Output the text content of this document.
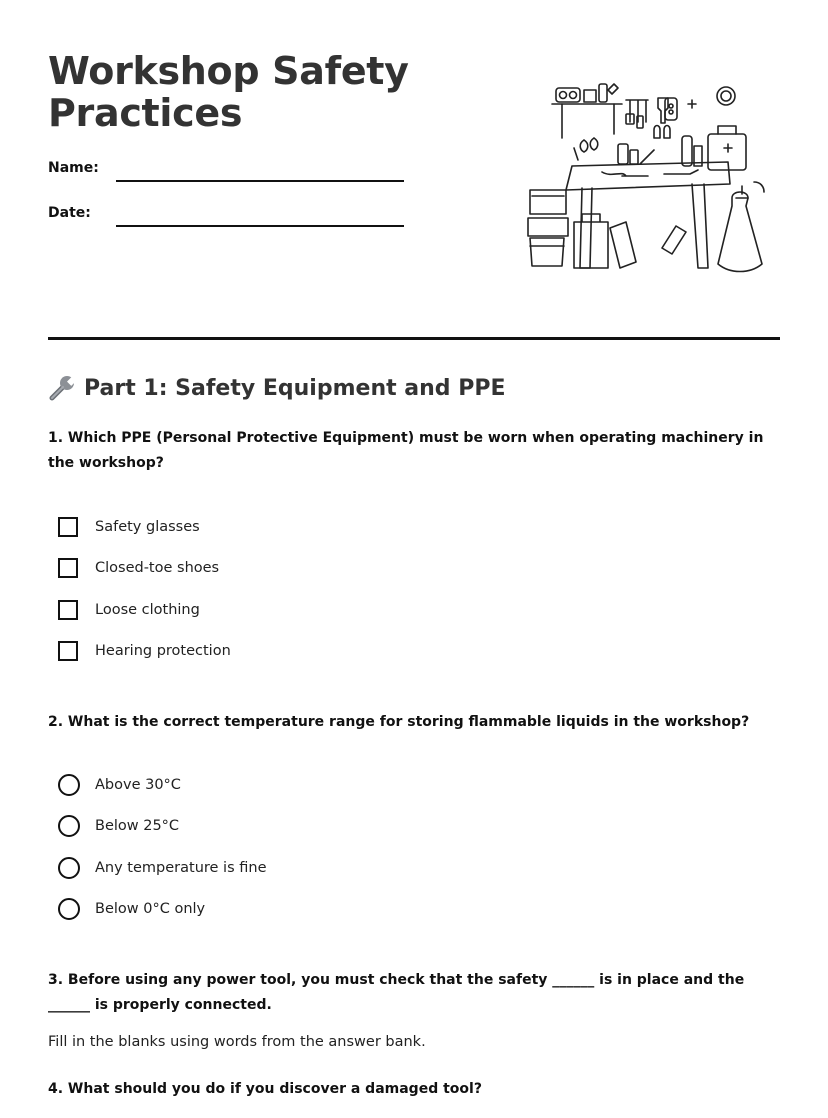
Workshop Safety Practices
Name:
Date:
Part 1: Safety Equipment and PPE

1. Which PPE (Personal Protective Equipment) must be worn when operating machinery in the workshop?

Safety glasses
Closed-toe shoes
Loose clothing
Hearing protection

2. What is the correct temperature range for storing flammable liquids in the workshop?

Above 30°C
Below 25°C
Any temperature is fine
Below 0°C only

3. Before using any power tool, you must check that the safety ______ is in place and the ______ is properly connected.

Fill in the blanks using words from the answer bank.

4. What should you do if you discover a damaged tool?
